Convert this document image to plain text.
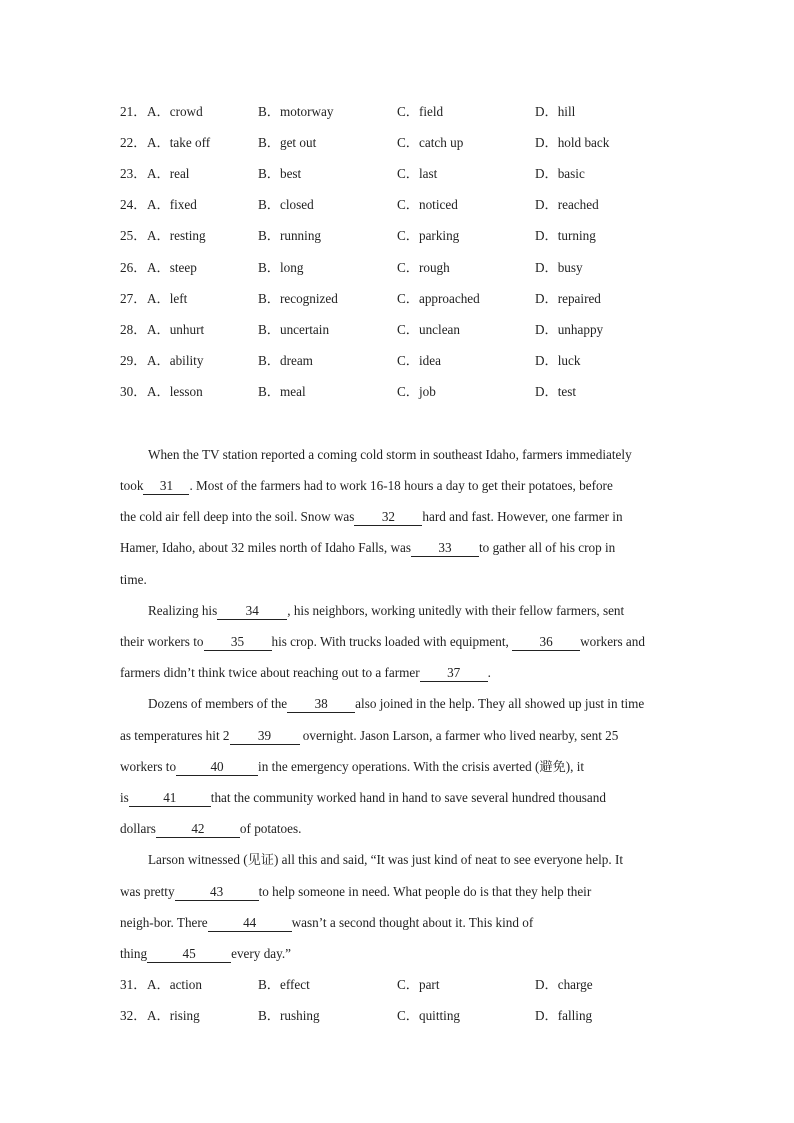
21． A．crowd	B．motorway	C．field	D．hill
22． A．take off	B．get out	C．catch up	D．hold back
23． A．real	B．best	C．last	D．basic
24． A．fixed	B．closed	C．noticed	D．reached
25． A．resting	B．running	C．parking	D．turning
26． A．steep	B．long	C．rough	D．busy
27． A．left	B．recognized	C．approached	D．repaired
28． A．unhurt	B．uncertain	C．unclean	D．unhappy
29． A．ability	B．dream	C．idea	D．luck
30． A．lesson	B．meal	C．job	D．test
When the TV station reported a coming cold storm in southeast Idaho, farmers immediately
took 31 . Most of the farmers had to work 16-18 hours a day to get their potatoes, before
the cold air fell deep into the soil. Snow was 32 hard and fast. However, one farmer in
Hamer, Idaho, about 32 miles north of Idaho Falls, was 33 to gather all of his crop in
time.
Realizing his 34 , his neighbors, working unitedly with their fellow farmers, sent
their workers to 35 his crop. With trucks loaded with equipment, 36 workers and
farmers didn’t think twice about reaching out to a farmer 37 .
Dozens of members of the 38 also joined in the help. They all showed up just in time
as temperatures hit 2 39 overnight. Jason Larson, a farmer who lived nearby, sent 25
workers to	40	in the emergency operations. With the crisis averted (避免), it
is	41	that the community worked hand in hand to save several hundred thousand
dollars	42	of potatoes.
Larson witnessed (见证) all this and said, “It was just kind of neat to see everyone help. It
was pretty	43	to help someone in need. What people do is that they help their
neigh-bor. There	44	wasn’t a second thought about it. This kind of
thing	45	every day.”
31． A．action	B．effect	C．part	D．charge
32． A．rising	B．rushing	C．quitting	D．falling
